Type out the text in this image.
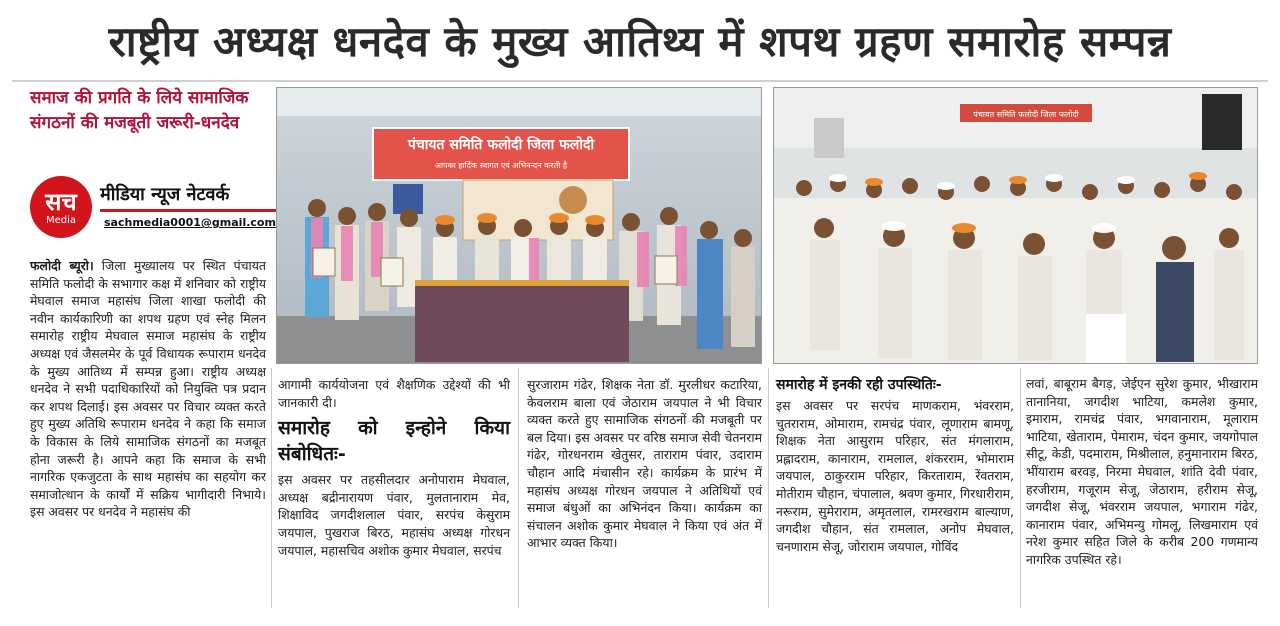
राष्ट्रीय अध्यक्ष धनदेव के मुख्य आतिथ्य में शपथ ग्रहण समारोह सम्पन्न
समाज की प्रगति के लिये सामाजिक संगठनों की मजबूती जरूरी-धनदेव
सच
Media
मीडिया न्यूज नेटवर्क
sachmedia0001@gmail.com
पंचायत समिति फलोदी जिला फलोदी
आपका हार्दिक स्वागत एवं अभिनन्दन करती है
पंचायत समिति फलोदी जिला फलोदी
फलोदी ब्यूरो। जिला मुख्यालय पर स्थित पंचायत समिति फलोदी के सभागार कक्ष में शनिवार को राष्ट्रीय मेघवाल समाज महासंघ जिला शाखा फलोदी की नवीन कार्यकारिणी का शपथ ग्रहण एवं स्नेह मिलन समारोह राष्ट्रीय मेघवाल समाज महासंघ के राष्ट्रीय अध्यक्ष एवं जैसलमेर के पूर्व विधायक रूपाराम धनदेव के मुख्य आतिथ्य में सम्पन्न हुआ। राष्ट्रीय अध्यक्ष धनदेव ने सभी पदाधिकारियों को नियुक्ति पत्र प्रदान कर शपथ दिलाई। इस अवसर पर विचार व्यक्त करते हुए मुख्य अतिथि रूपाराम धनदेव ने कहा कि समाज के विकास के लिये सामाजिक संगठनों का मजबूत होना जरूरी है। आपने कहा कि समाज के सभी नागरिक एकजुटता के साथ महासंघ का सहयोग कर समाजोत्थान के कार्यों में सक्रिय भागीदारी निभाये। इस अवसर पर धनदेव ने महासंघ की
आगामी कार्ययोजना एवं शैक्षणिक उद्देश्यों की भी जानकारी दी।
समारोह को इन्होने किया संबोधितः-
इस अवसर पर तहसीलदार अनोपाराम मेघवाल, अध्यक्ष बद्रीनारायण पंवार, मुलतानाराम मेव, शिक्षाविद जगदीशलाल पंवार, सरपंच केसुराम जयपाल, पुखराज बिरठ, महासंघ अध्यक्ष गोरधन जयपाल, महासचिव अशोक कुमार मेघवाल, सरपंच
सुरजाराम गंढेर, शिक्षक नेता डॉ. मुरलीधर कटारिया, केवलराम बाला एवं जेठाराम जयपाल ने भी विचार व्यक्त करते हुए सामाजिक संगठनों की मजबूती पर बल दिया। इस अवसर पर वरिष्ठ समाज सेवी चेतनराम गंढेर, गोरधनराम खेतुसर, ताराराम पंवार, उदाराम चौहान आदि मंचासीन रहे। कार्यक्रम के प्रारंभ में महासंघ अध्यक्ष गोरधन जयपाल ने अतिथियों एवं समाज बंधुओं का अभिनंदन किया। कार्यक्रम का संचालन अशोक कुमार मेघवाल ने किया एवं अंत में आभार व्यक्त किया।
समारोह में इनकी रही उपस्थितिः-
इस अवसर पर सरपंच माणकराम, भंवरराम, चुतराराम, ओमाराम, रामचंद्र पंवार, लूणाराम बामणू, शिक्षक नेता आसुराम परिहार, संत मंगलाराम, प्रह्लादराम, कानाराम, रामलाल, शंकरराम, भोमाराम जयपाल, ठाकुरराम परिहार, किरताराम, रेंवतराम, मोतीराम चौहान, चंपालाल, श्रवण कुमार, गिरधारीराम, नरूराम, सुमेराराम, अमृतलाल, रामरखराम बाल्याण, जगदीश चौहान, संत रामलाल, अनोप मेघवाल, चनणाराम सेजू, जोराराम जयपाल, गोविंद
लवां, बाबूराम बैगड़, जेईएन सुरेश कुमार, भीखाराम तानानिया, जगदीश भाटिया, कमलेश कुमार, इमाराम, रामचंद्र पंवार, भगवानाराम, मूलाराम भाटिया, खेताराम, पेमाराम, चंदन कुमार, जयगोपाल सीटू, केडी, पदमाराम, मिश्रीलाल, हनुमानाराम बिरठ, भींयाराम बरवड़, निरमा मेघवाल, शांति देवी पंवार, हरजीराम, गजूराम सेजू, जेठाराम, हरीराम सेजू, जगदीश सेजू, भंवरराम जयपाल, भगाराम गंढेर, कानाराम पंवार, अभिमन्यु गोमलू, लिखमाराम एवं नरेश कुमार सहित जिले के करीब 200 गणमान्य नागरिक उपस्थित रहे।
